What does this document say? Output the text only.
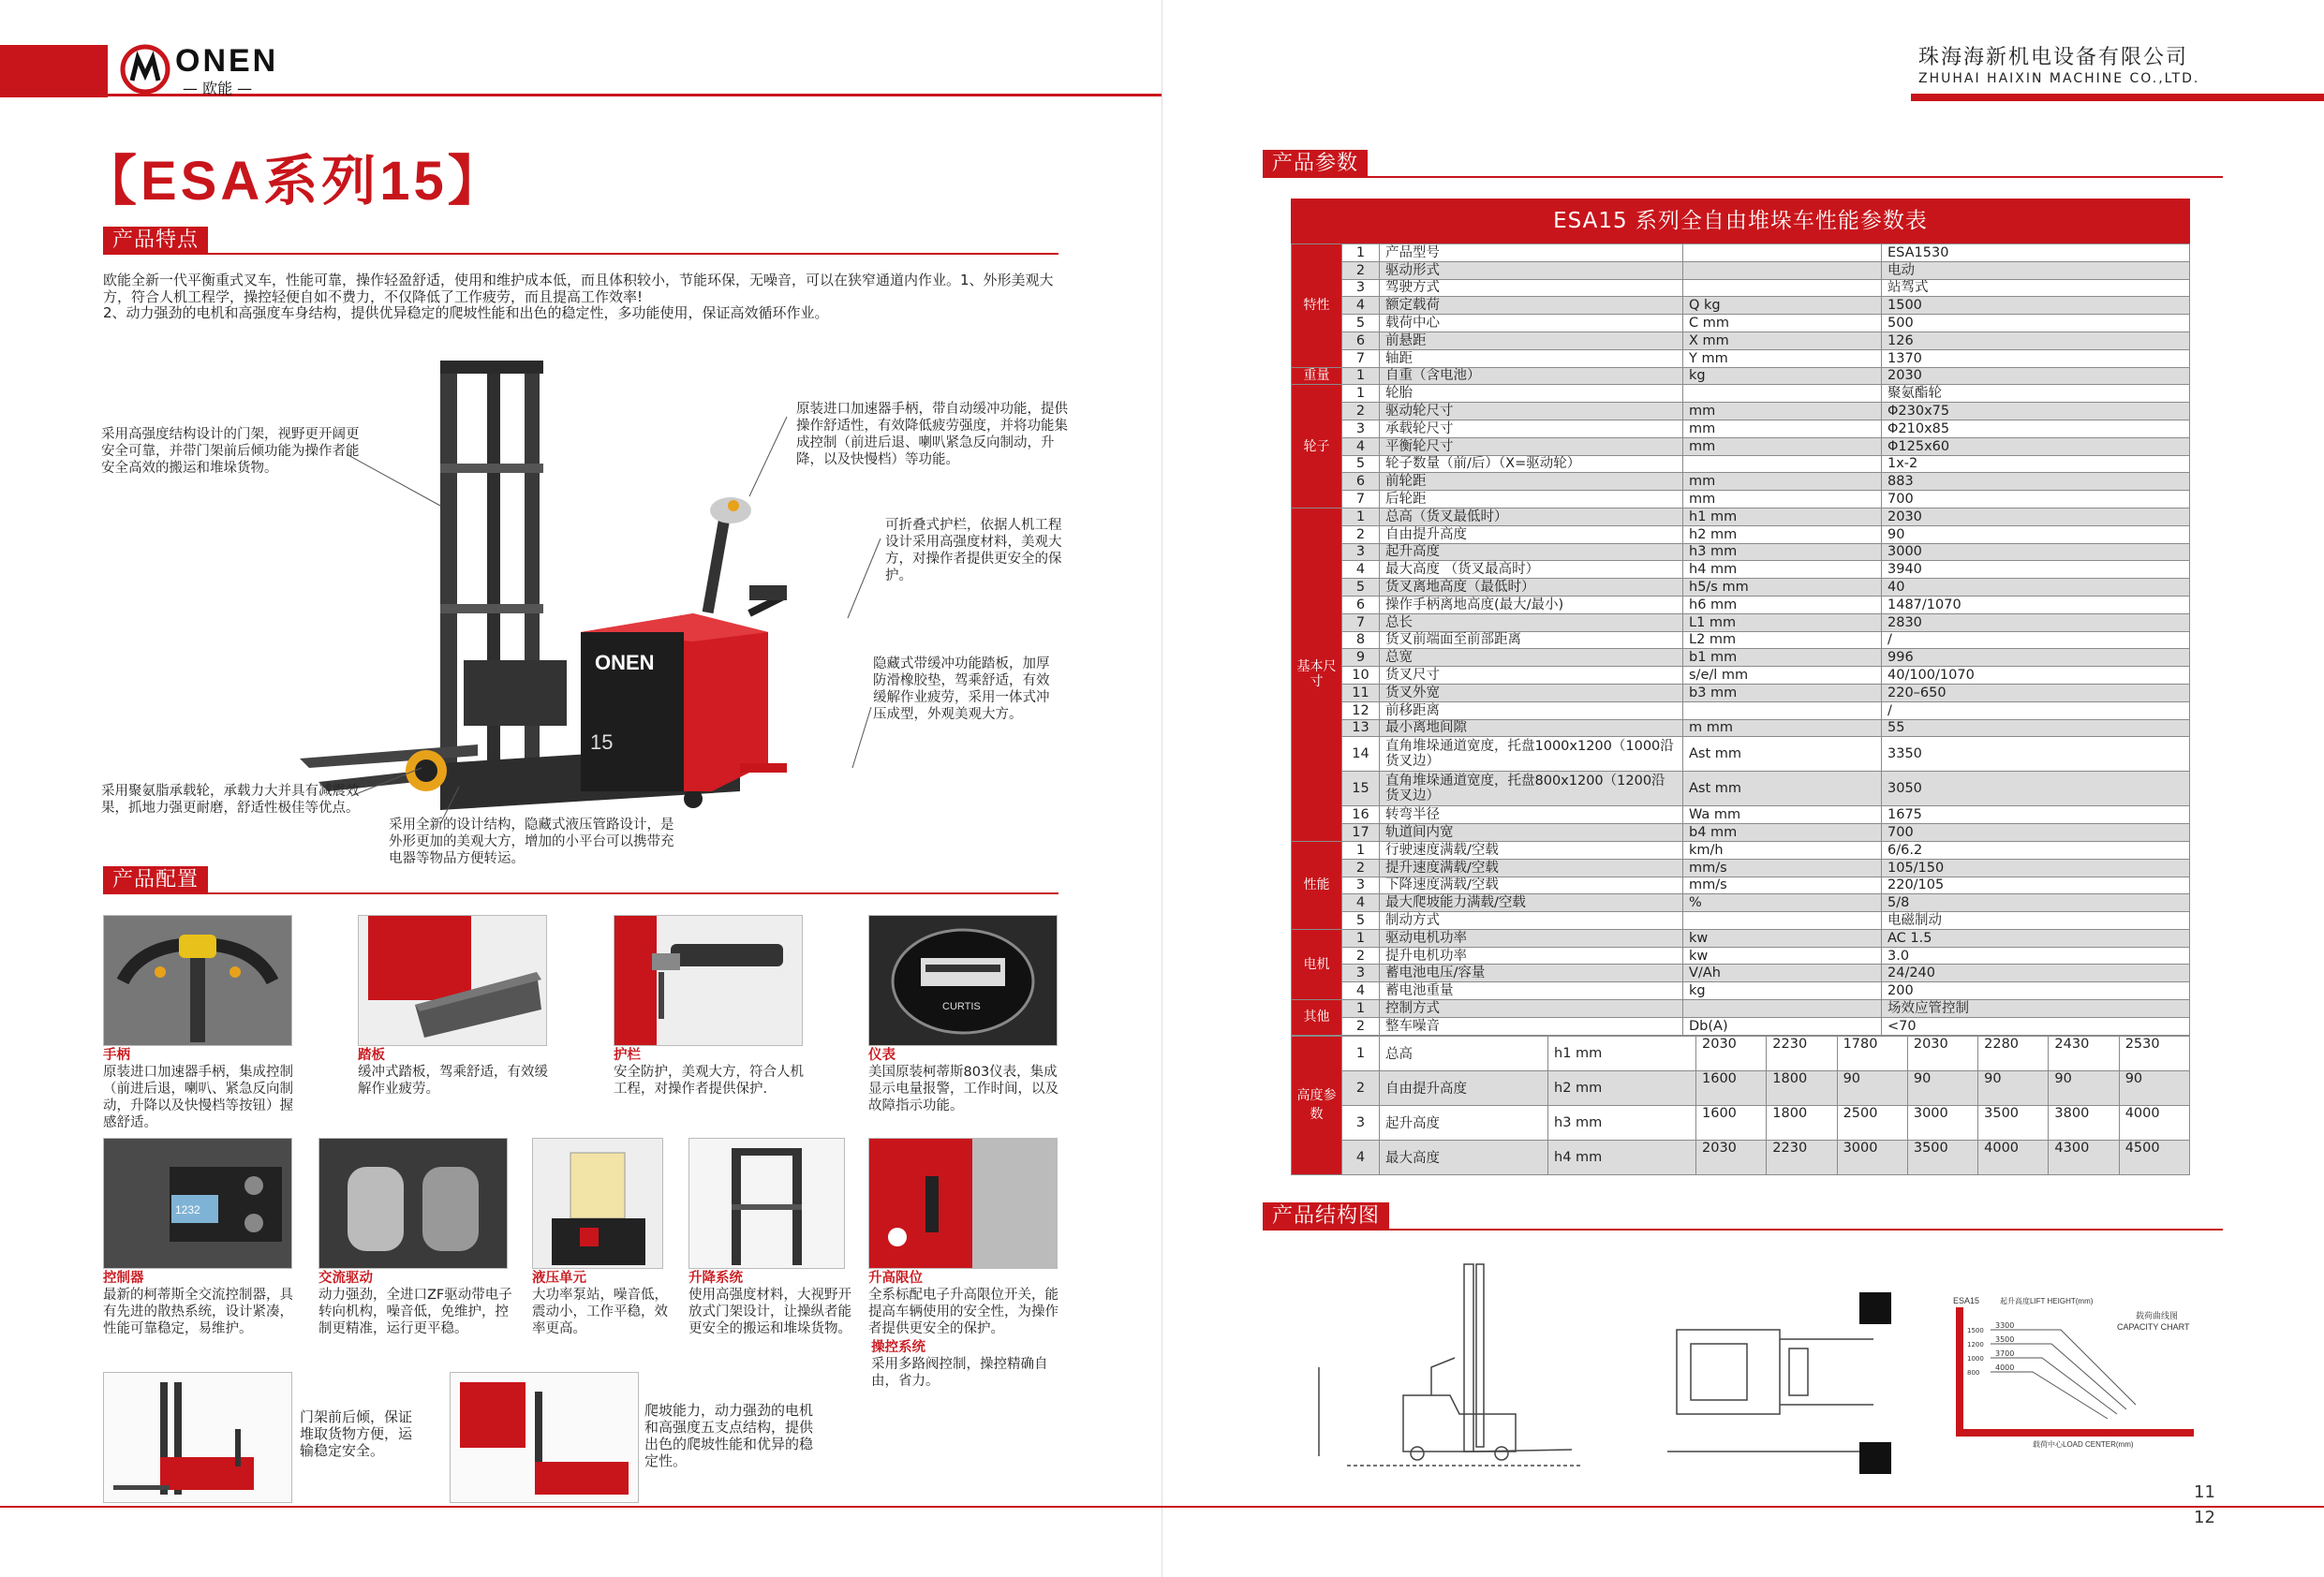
ONEN
— 欧能 —
【ESA系列15】
产品特点
欧能全新一代平衡重式叉车，性能可靠，操作轻盈舒适，使用和维护成本低，而且体积较小，节能环保，无噪音，可以在狭窄通道内作业。1、外形美观大方，符合人机工程学，操控轻便自如不费力，不仅降低了工作疲劳，而且提高工作效率!
2、动力强劲的电机和高强度车身结构，提供优异稳定的爬坡性能和出色的稳定性，多功能使用，保证高效循环作业。
ONEN
15
采用高强度结构设计的门架，视野更开阔更安全可靠，并带门架前后倾功能为操作者能安全高效的搬运和堆垛货物。
原装进口加速器手柄，带自动缓冲功能，提供操作舒适性，有效降低疲劳强度，并将功能集成控制（前进后退、喇叭紧急反向制动，升降，以及快慢档）等功能。
可折叠式护栏，依据人机工程设计采用高强度材料，美观大方，对操作者提供更安全的保护。
隐藏式带缓冲功能踏板，加厚防滑橡胶垫，驾乘舒适，有效缓解作业疲劳，采用一体式冲压成型，外观美观大方。
采用聚氨脂承载轮，承载力大并具有减震效果，抓地力强更耐磨，舒适性极佳等优点。
采用全新的设计结构，隐藏式液压管路设计，是外形更加的美观大方，增加的小平台可以携带充电器等物品方便转运。
产品配置
CURTIS
手柄
原装进口加速器手柄，集成控制（前进后退，喇叭、紧急反向制动，升降以及快慢档等按钮）握感舒适。
踏板
缓冲式踏板，驾乘舒适，有效缓解作业疲劳。
护栏
安全防护，美观大方，符合人机工程，对操作者提供保护.
仪表
美国原装柯蒂斯803仪表，集成显示电量报警，工作时间，以及故障指示功能。
1232
控制器
最新的柯蒂斯全交流控制器，具有先进的散热系统，设计紧凑，性能可靠稳定，易维护。
交流驱动
动力强劲，全进口ZF驱动带电子转向机构，噪音低，免维护，控制更精准，运行更平稳。
液压单元
大功率泵站，噪音低，震动小，工作平稳，效率更高。
升降系统
使用高强度材料，大视野开放式门架设计，让操纵者能更安全的搬运和堆垛货物。
升高限位
全系标配电子升高限位开关，能提高车辆使用的安全性，为操作者提供更安全的保护。
操控系统
采用多路阀控制，操控精确自由，省力。
门架前后倾，保证堆取货物方便，运输稳定安全。
爬坡能力，动力强劲的电机和高强度五支点结构，提供出色的爬坡性能和优异的稳定性。
珠海海新机电设备有限公司
ZHUHAI HAIXIN MACHINE CO.,LTD.
产品参数
ESA15 系列全自由堆垛车性能参数表
特性	1	产品型号		ESA1530
	2	驱动形式		电动
	3	驾驶方式		站驾式
	4	额定载荷	Q kg	1500
	5	载荷中心	C mm	500
	6	前悬距	X mm	126
	7	轴距	Y mm	1370
重量	1	自重（含电池）	kg	2030
轮子	1	轮胎		聚氨酯轮
	2	驱动轮尺寸	mm	Φ230x75
	3	承载轮尺寸	mm	Φ210x85
	4	平衡轮尺寸	mm	Φ125x60
	5	轮子数量（前/后）（X=驱动轮）		1x-2
	6	前轮距	mm	883
	7	后轮距	mm	700
基本尺寸	1	总高（货叉最低时）	h1 mm	2030
	2	自由提升高度	h2 mm	90
	3	起升高度	h3 mm	3000
	4	最大高度 （货叉最高时）	h4 mm	3940
	5	货叉离地高度（最低时）	h5/s mm	40
	6	操作手柄离地高度(最大/最小)	h6 mm	1487/1070
	7	总长	L1 mm	2830
	8	货叉前端面至前部距离	L2 mm	/
	9	总宽	b1 mm	996
	10	货叉尺寸	s/e/l mm	40/100/1070
	11	货叉外宽	b3 mm	220–650
	12	前移距离		/
	13	最小离地间隙	m mm	55
	14	直角堆垛通道宽度，托盘1000x1200（1000沿货叉边）	Ast mm	3350
	15	直角堆垛通道宽度，托盘800x1200（1200沿货叉边）	Ast mm	3050
	16	转弯半径	Wa mm	1675
	17	轨道间内宽	b4 mm	700
性能	1	行驶速度满载/空载	km/h	6/6.2
	2	提升速度满载/空载	mm/s	105/150
	3	下降速度满载/空载	mm/s	220/105
	4	最大爬坡能力满载/空载	%	5/8
	5	制动方式		电磁制动
电机	1	驱动电机功率	kw	AC 1.5
	2	提升电机功率	kw	3.0
	3	蓄电池电压/容量	V/Ah	24/240
	4	蓄电池重量	kg	200
其他	1	控制方式		场效应管控制
	2	整车噪音	Db(A)	<70
高度参数	1	总高	h1 mm	2030	2230	1780	2030	2280	2430	2530
	2	自由提升高度	h2 mm	1600	1800	90	90	90	90	90
	3	起升高度	h3 mm	1600	1800	2500	3000	3500	3800	4000
	4	最大高度	h4 mm	2030	2230	3000	3500	4000	4300	4500
产品结构图
ESA15	起升高度LIFT HEIGHT(mm)
载荷曲线图
CAPACITY CHART
3300
3500
3700
4000
1500
1200
1000
800
载荷中心LOAD CENTER(mm)
11
12
